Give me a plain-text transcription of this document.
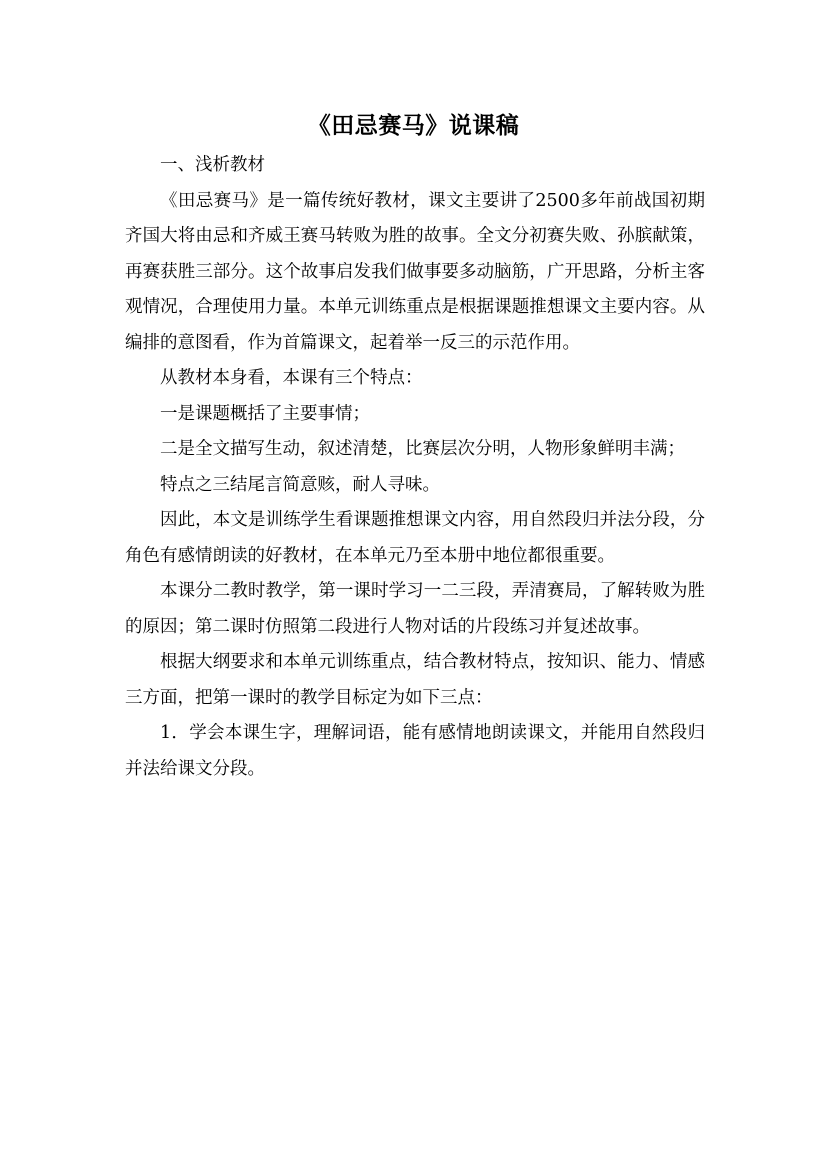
《田忌赛马》说课稿

一、浅析教材

《田忌赛马》是一篇传统好教材，课文主要讲了2500多年前战国初期齐国大将由忌和齐威王赛马转败为胜的故事。全文分初赛失败、孙膑献策，再赛获胜三部分。这个故事启发我们做事要多动脑筋，广开思路，分析主客观情况，合理使用力量。本单元训练重点是根据课题推想课文主要内容。从编排的意图看，作为首篇课文，起着举一反三的示范作用。

从教材本身看，本课有三个特点：

一是课题概括了主要事情；

二是全文描写生动，叙述清楚，比赛层次分明，人物形象鲜明丰满；

特点之三结尾言简意赅，耐人寻味。

因此，本文是训练学生看课题推想课文内容，用自然段归并法分段，分角色有感情朗读的好教材，在本单元乃至本册中地位都很重要。

本课分二教时教学，第一课时学习一二三段，弄清赛局，了解转败为胜的原因；第二课时仿照第二段进行人物对话的片段练习并复述故事。

根据大纲要求和本单元训练重点，结合教材特点，按知识、能力、情感三方面，把第一课时的教学目标定为如下三点：

1．学会本课生字，理解词语，能有感情地朗读课文，并能用自然段归并法给课文分段。
